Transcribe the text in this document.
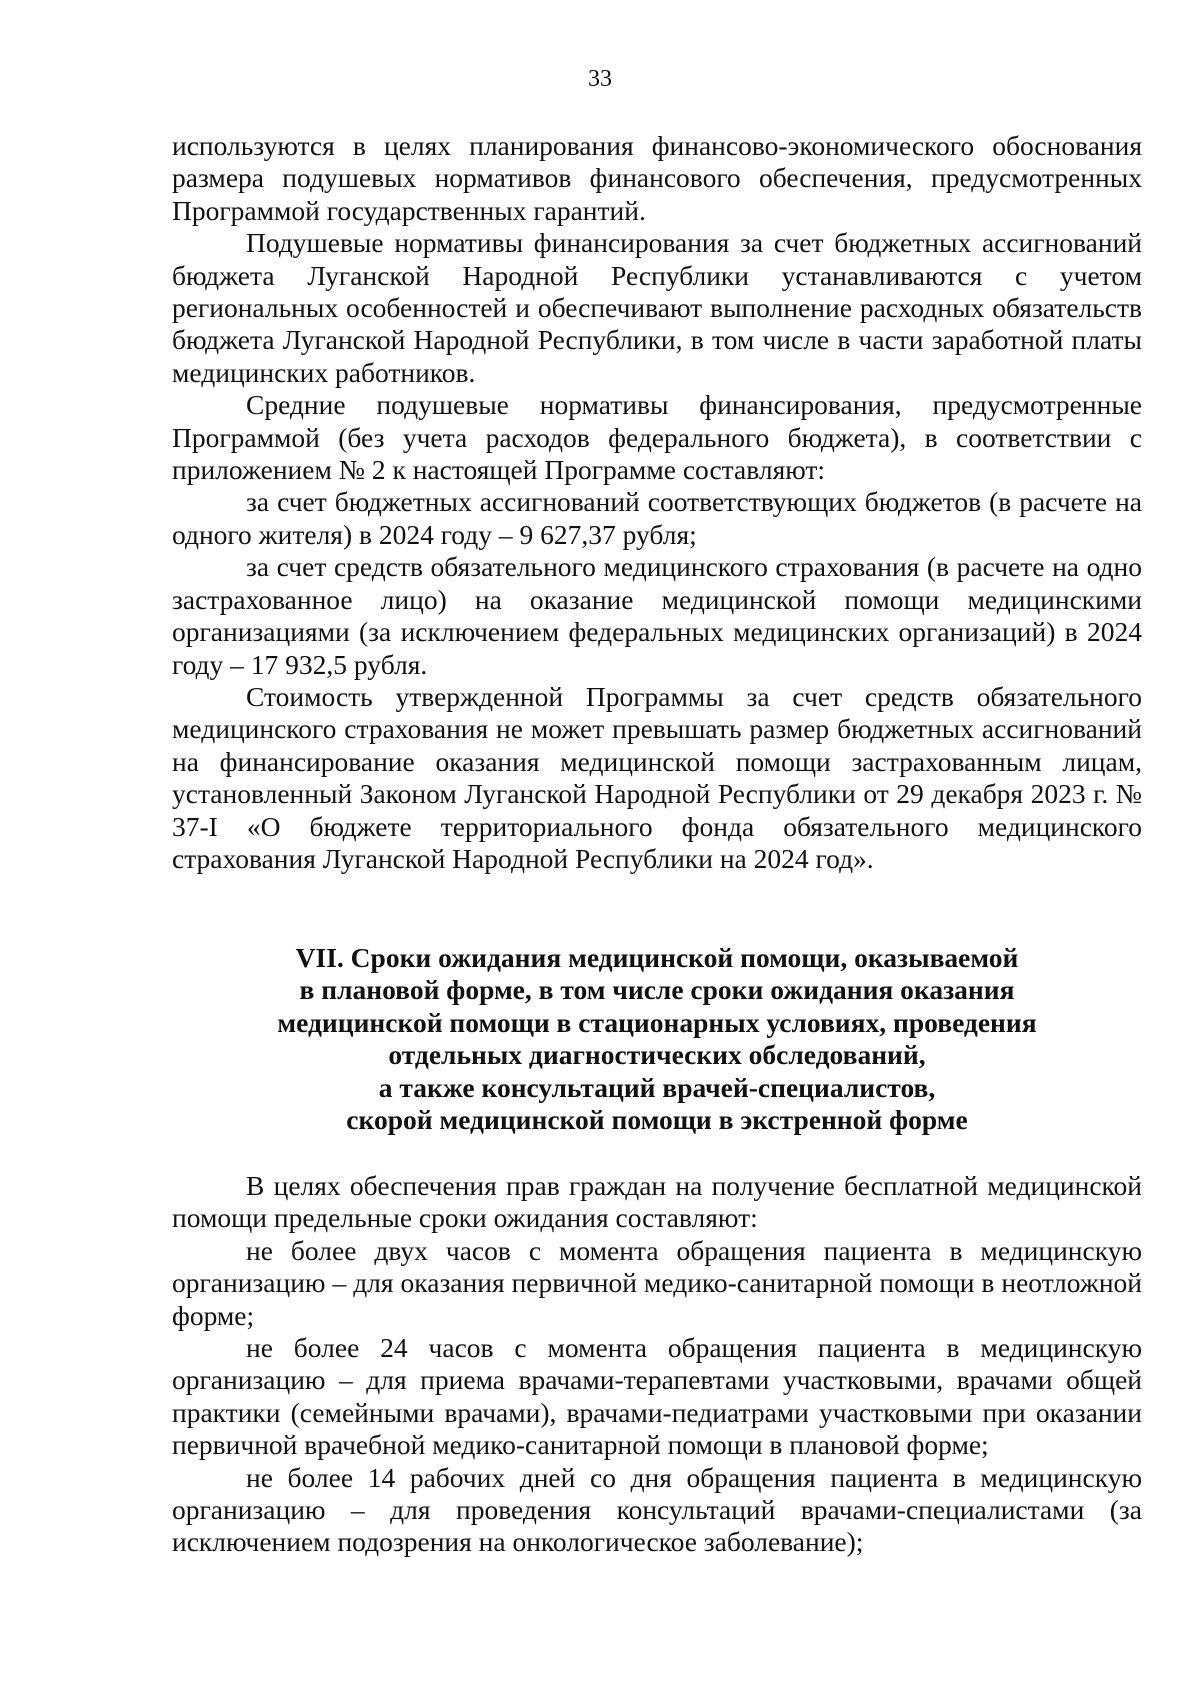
33

используются в целях планирования финансово-экономического обоснования размера подушевых нормативов финансового обеспечения, предусмотренных Программой государственных гарантий.

Подушевые нормативы финансирования за счет бюджетных ассигнований бюджета Луганской Народной Республики устанавливаются с учетом региональных особенностей и обеспечивают выполнение расходных обязательств бюджета Луганской Народной Республики, в том числе в части заработной платы медицинских работников.

Средние подушевые нормативы финансирования, предусмотренные Программой (без учета расходов федерального бюджета), в соответствии с приложением № 2 к настоящей Программе составляют:

за счет бюджетных ассигнований соответствующих бюджетов (в расчете на одного жителя) в 2024 году – 9 627,37 рубля;

за счет средств обязательного медицинского страхования (в расчете на одно застрахованное лицо) на оказание медицинской помощи медицинскими организациями (за исключением федеральных медицинских организаций) в 2024 году – 17 932,5 рубля.

Стоимость утвержденной Программы за счет средств обязательного медицинского страхования не может превышать размер бюджетных ассигнований на финансирование оказания медицинской помощи застрахованным лицам, установленный Законом Луганской Народной Республики от 29 декабря 2023 г. № 37-I «О бюджете территориального фонда обязательного медицинского страхования Луганской Народной Республики на 2024 год».

VII. Сроки ожидания медицинской помощи, оказываемой
в плановой форме, в том числе сроки ожидания оказания
медицинской помощи в стационарных условиях, проведения
отдельных диагностических обследований,
а также консультаций врачей-специалистов,
скорой медицинской помощи в экстренной форме

В целях обеспечения прав граждан на получение бесплатной медицинской помощи предельные сроки ожидания составляют:

не более двух часов с момента обращения пациента в медицинскую организацию – для оказания первичной медико-санитарной помощи в неотложной форме;

не более 24 часов с момента обращения пациента в медицинскую организацию – для приема врачами-терапевтами участковыми, врачами общей практики (семейными врачами), врачами-педиатрами участковыми при оказании первичной врачебной медико-санитарной помощи в плановой форме;

не более 14 рабочих дней со дня обращения пациента в медицинскую организацию – для проведения консультаций врачами-специалистами (за исключением подозрения на онкологическое заболевание);
